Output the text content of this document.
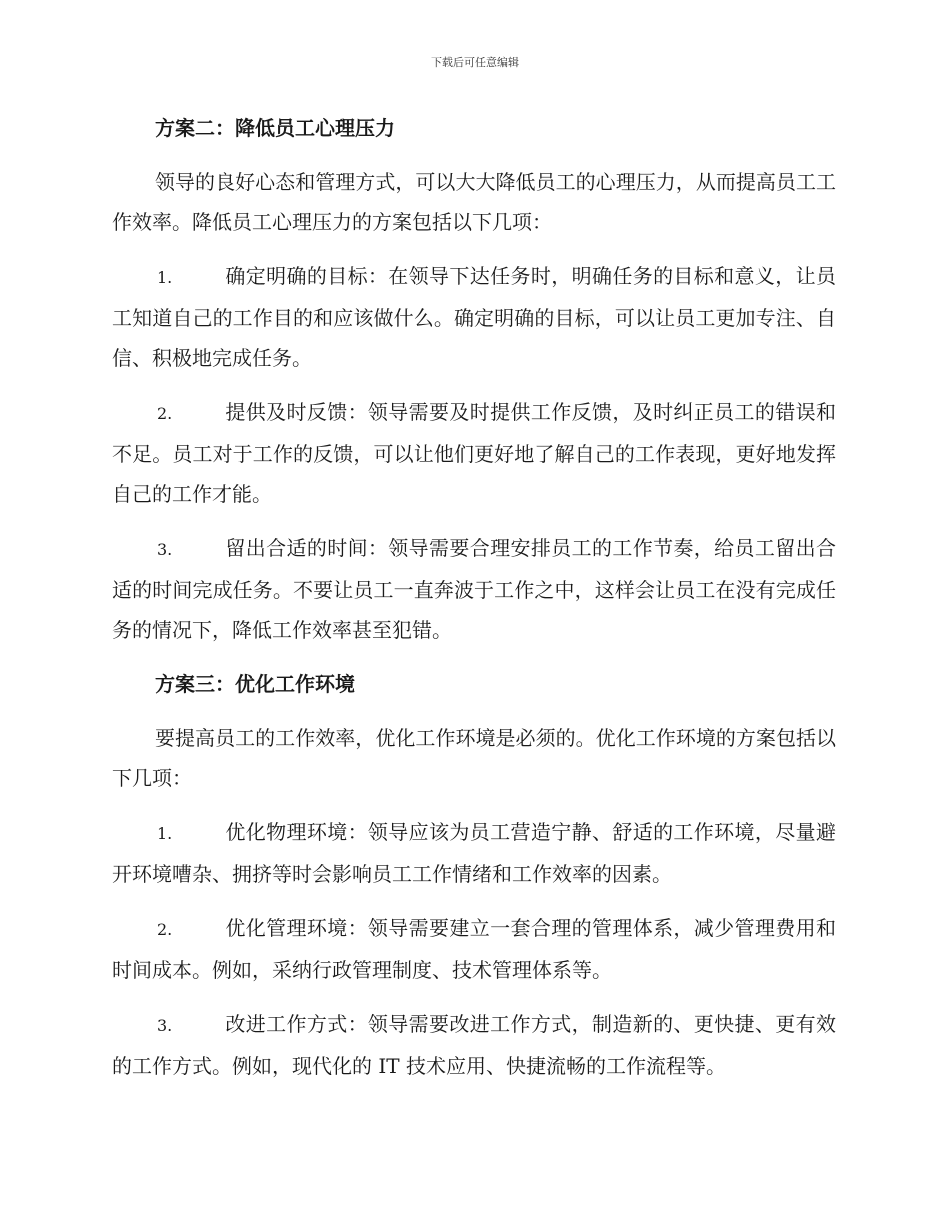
下载后可任意编辑
方案二：降低员工心理压力
领导的良好心态和管理方式，可以大大降低员工的心理压力，从而提高员工工作效率。降低员工心理压力的方案包括以下几项：
1.	确定明确的目标：在领导下达任务时，明确任务的目标和意义，让员工知道自己的工作目的和应该做什么。确定明确的目标，可以让员工更加专注、自信、积极地完成任务。
2.	提供及时反馈：领导需要及时提供工作反馈，及时纠正员工的错误和不足。员工对于工作的反馈，可以让他们更好地了解自己的工作表现，更好地发挥自己的工作才能。
3.	留出合适的时间：领导需要合理安排员工的工作节奏，给员工留出合适的时间完成任务。不要让员工一直奔波于工作之中，这样会让员工在没有完成任务的情况下，降低工作效率甚至犯错。
方案三：优化工作环境
要提高员工的工作效率，优化工作环境是必须的。优化工作环境的方案包括以下几项：
1.	优化物理环境：领导应该为员工营造宁静、舒适的工作环境，尽量避开环境嘈杂、拥挤等时会影响员工工作情绪和工作效率的因素。
2.	优化管理环境：领导需要建立一套合理的管理体系，减少管理费用和时间成本。例如，采纳行政管理制度、技术管理体系等。
3.	改进工作方式：领导需要改进工作方式，制造新的、更快捷、更有效的工作方式。例如，现代化的 IT 技术应用、快捷流畅的工作流程等。
